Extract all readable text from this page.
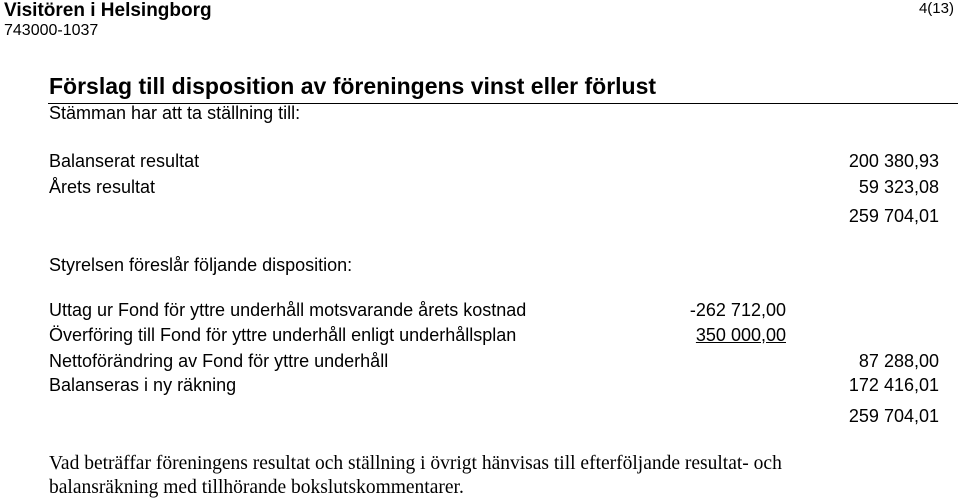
Visitören i Helsingborg
743000-1037
4(13)
Förslag till disposition av föreningens vinst eller förlust
Stämman har att ta ställning till:
Balanserat resultat	200 380,93
Årets resultat	59 323,08
259 704,01
Styrelsen föreslår följande disposition:
Uttag ur Fond för yttre underhåll motsvarande årets kostnad	-262 712,00
Överföring till Fond för yttre underhåll enligt underhållsplan	350 000,00
Nettoförändring av Fond för yttre underhåll	87 288,00
Balanseras i ny räkning	172 416,01
259 704,01
Vad beträffar föreningens resultat och ställning i övrigt hänvisas till efterföljande resultat- och
balansräkning med tillhörande bokslutskommentarer.
